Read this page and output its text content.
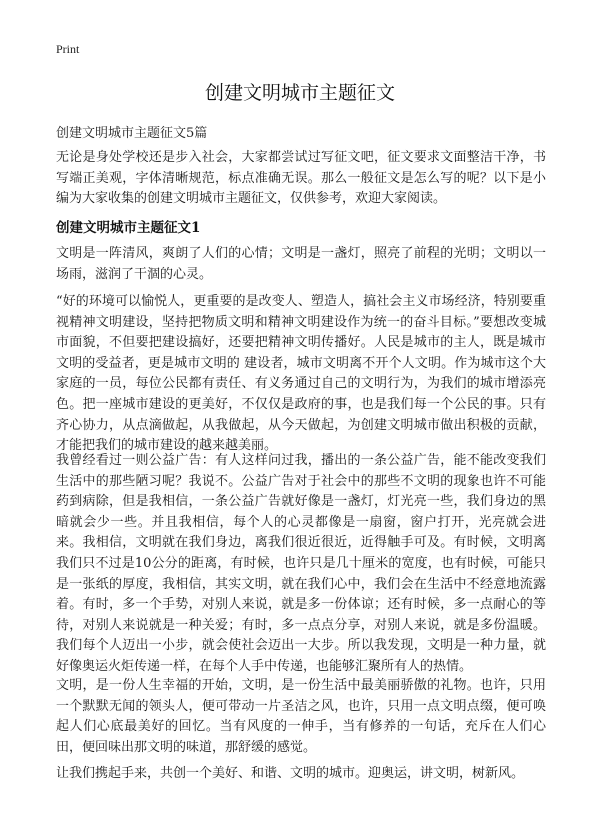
Print
创建文明城市主题征文
创建文明城市主题征文5篇

无论是身处学校还是步入社会，大家都尝试过写征文吧，征文要求文面整洁干净，书写端正美观，字体清晰规范，标点准确无误。那么一般征文是怎么写的呢？以下是小编为大家收集的创建文明城市主题征文，仅供参考，欢迎大家阅读。

创建文明城市主题征文1

文明是一阵清风，爽朗了人们的心情；文明是一盏灯，照亮了前程的光明；文明以一场雨，滋润了干涸的心灵。

“好的环境可以愉悦人，更重要的是改变人、塑造人，搞社会主义市场经济，特别要重视精神文明建设，坚持把物质文明和精神文明建设作为统一的奋斗目标。”要想改变城市面貌，不但要把建设搞好，还要把精神文明传播好。人民是城市的主人，既是城市文明的受益者，更是城市文明的 建设者，城市文明离不开个人文明。作为城市这个大家庭的一员，每位公民都有责任、有义务通过自己的文明行为，为我们的城市增添亮色。把一座城市建设的更美好，不仅仅是政府的事，也是我们每一个公民的事。只有齐心协力，从点滴做起，从我做起，从今天做起，为创建文明城市做出积极的贡献，才能把我们的城市建设的越来越美丽。

我曾经看过一则公益广告：有人这样问过我，播出的一条公益广告，能不能改变我们生活中的那些陋习呢？我说不。公益广告对于社会中的那些不文明的现象也许不可能药到病除，但是我相信，一条公益广告就好像是一盏灯，灯光亮一些，我们身边的黑暗就会少一些。并且我相信，每个人的心灵都像是一扇窗，窗户打开，光亮就会进来。我相信，文明就在我们身边，离我们很近很近，近得触手可及。有时候，文明离我们只不过是10公分的距离，有时候，也许只是几十厘米的宽度，也有时候，可能只是一张纸的厚度，我相信，其实文明，就在我们心中，我们会在生活中不经意地流露着。有时，多一个手势，对别人来说，就是多一份体谅；还有时候，多一点耐心的等待，对别人来说就是一种关爱；有时，多一点点分享，对别人来说，就是多份温暖。我们每个人迈出一小步，就会使社会迈出一大步。所以我发现，文明是一种力量，就好像奥运火炬传递一样，在每个人手中传递，也能够汇聚所有人的热情。

文明，是一份人生幸福的开始，文明，是一份生活中最美丽骄傲的礼物。也许，只用一个默默无闻的领头人，便可带动一片圣洁之风，也许，只用一点文明点缀，便可唤起人们心底最美好的回忆。当有风度的一伸手，当有修养的一句话，充斥在人们心田，便回味出那文明的味道，那舒缓的感觉。

让我们携起手来，共创一个美好、和谐、文明的城市。迎奥运，讲文明，树新风。
